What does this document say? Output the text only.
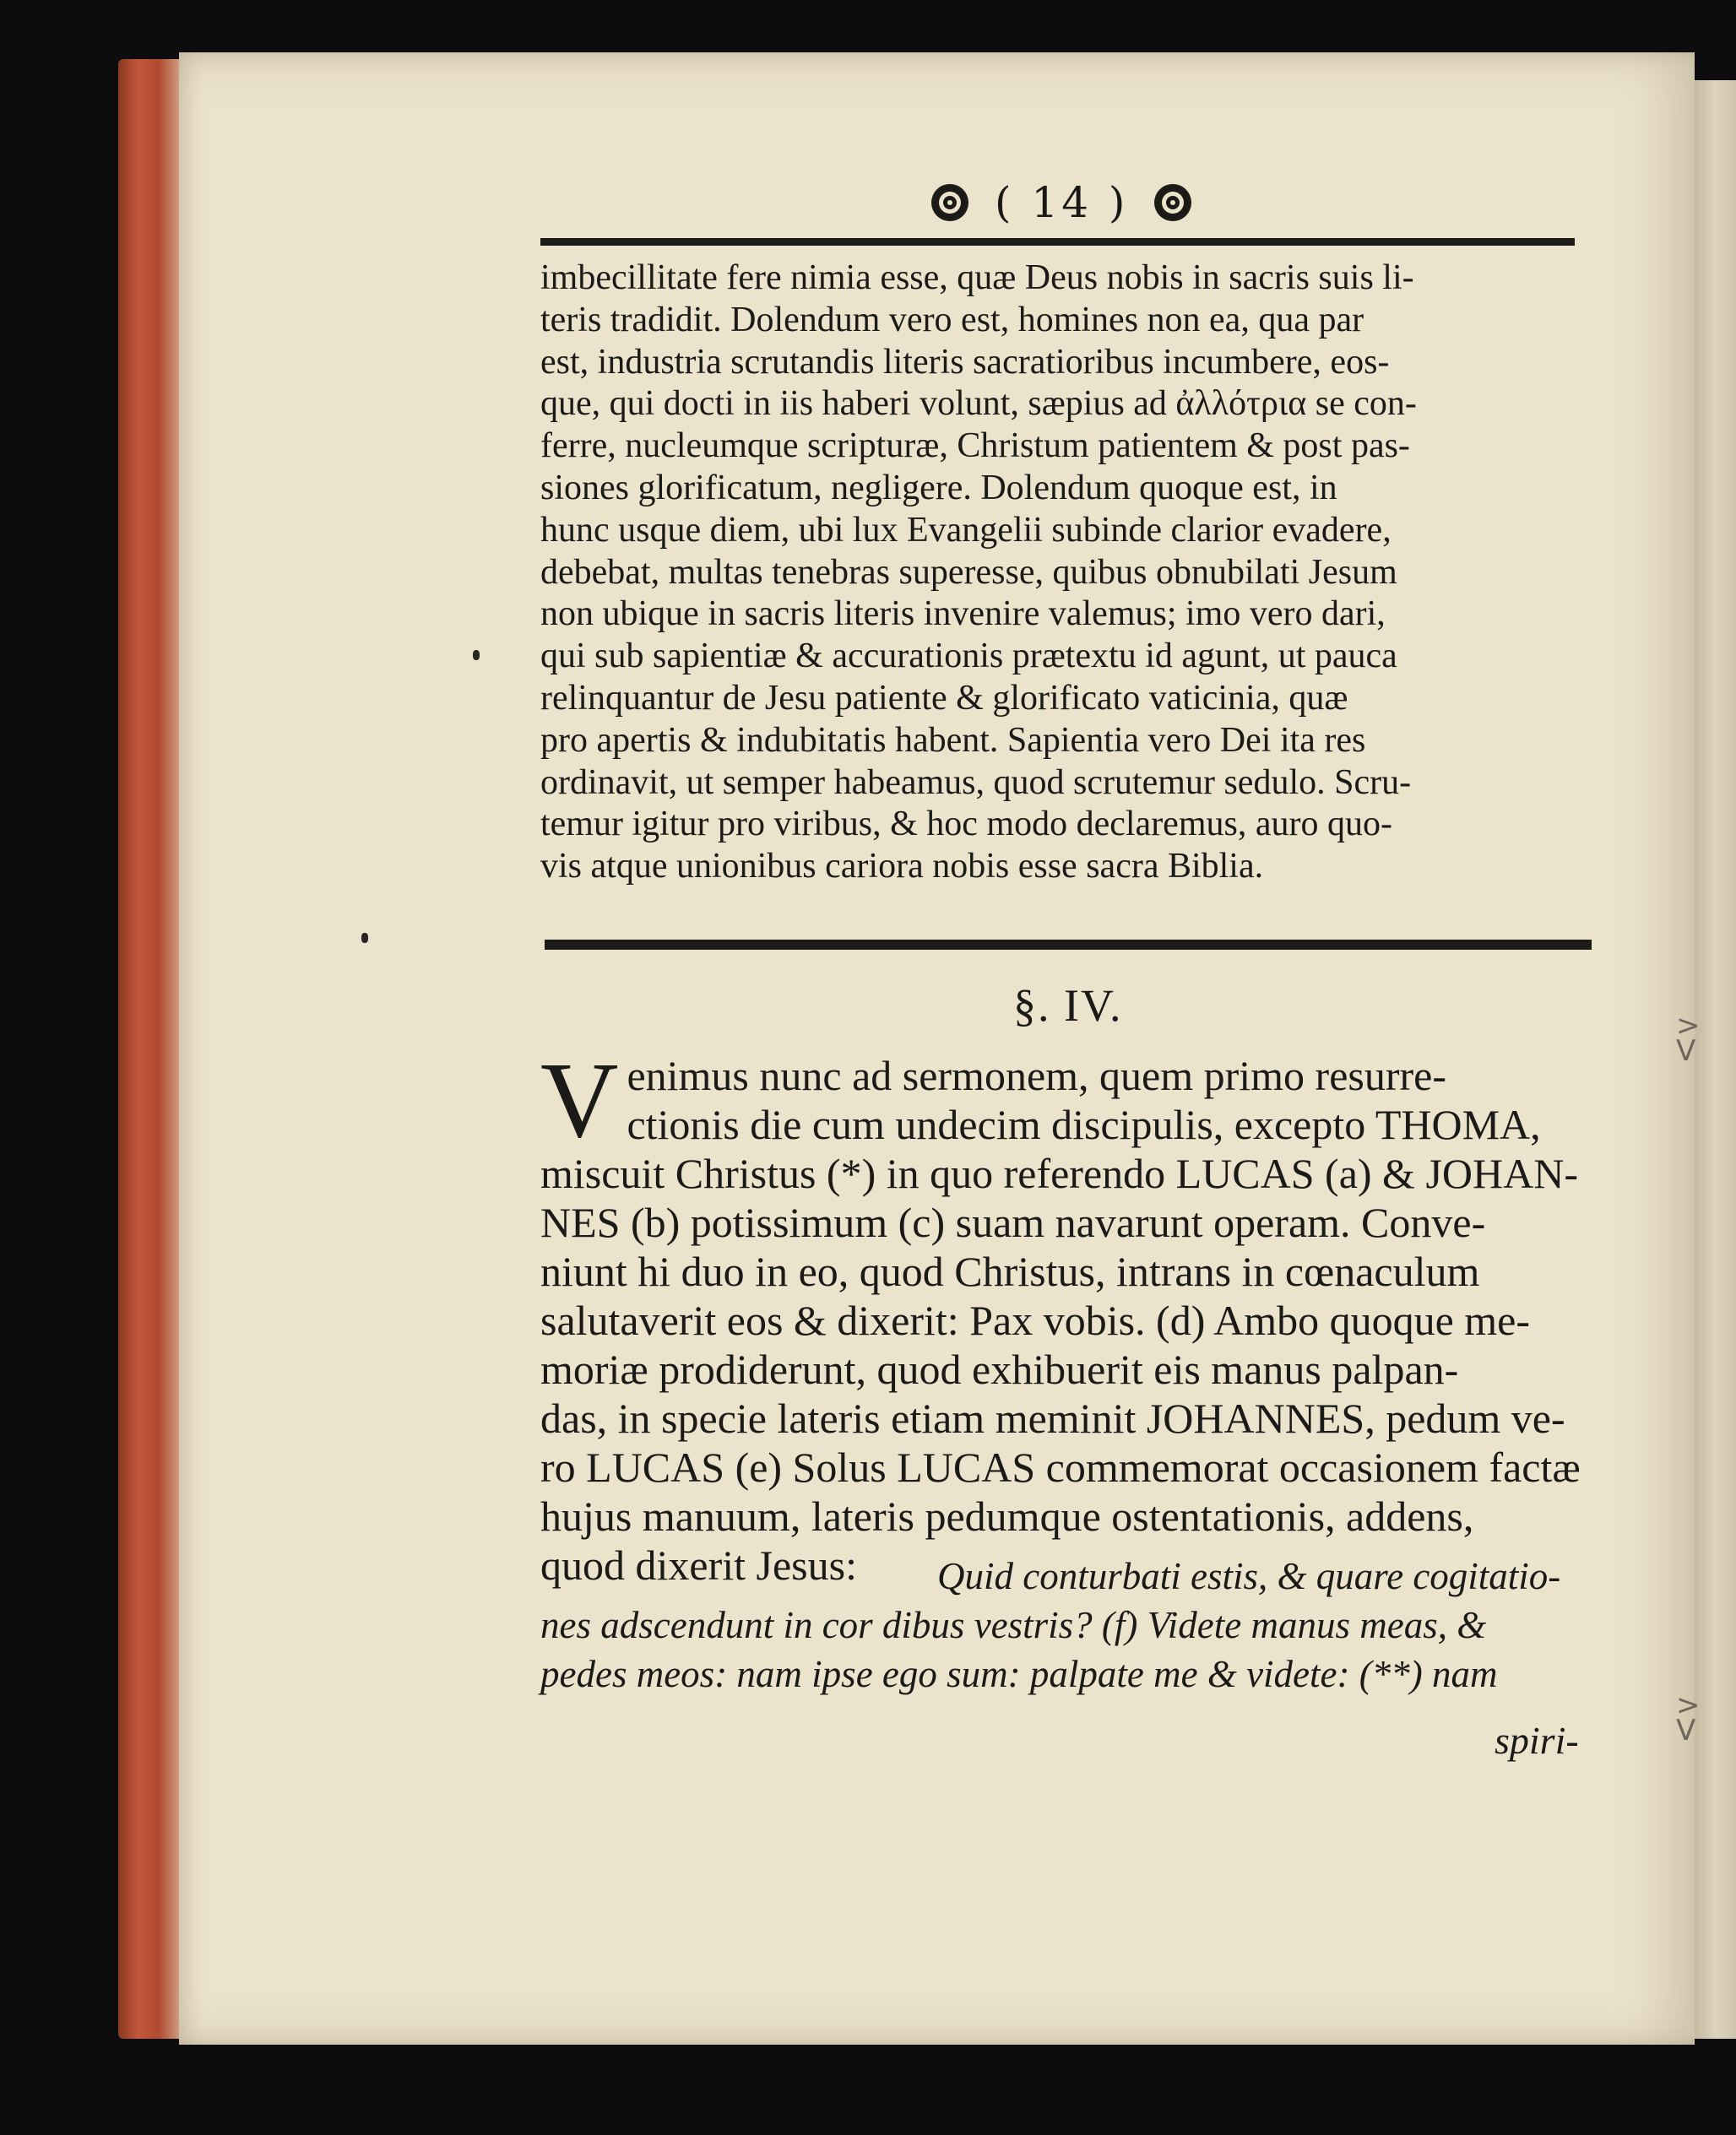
>
V
>
V
( 14 )

imbecillitate fere nimia esse, quæ Deus nobis in sacris suis li-
teris tradidit. Dolendum vero est, homines non ea, qua par
est, industria scrutandis literis sacratioribus incumbere, eos-
que, qui docti in iis haberi volunt, sæpius ad ἀλλότρια se con-
ferre, nucleumque scripturæ, Christum patientem & post pas-
siones glorificatum, negligere. Dolendum quoque est, in
hunc usque diem, ubi lux Evangelii subinde clarior evadere,
debebat, multas tenebras superesse, quibus obnubilati Jesum
non ubique in sacris literis invenire valemus; imo vero dari,
qui sub sapientiæ & accurationis prætextu id agunt, ut pauca
relinquantur de Jesu patiente & glorificato vaticinia, quæ
pro apertis & indubitatis habent. Sapientia vero Dei ita res
ordinavit, ut semper habeamus, quod scrutemur sedulo. Scru-
temur igitur pro viribus, & hoc modo declaremus, auro quo-
vis atque unionibus cariora nobis esse sacra Biblia.

§. IV.

V enimus nunc ad sermonem, quem primo resurre-
ctionis die cum undecim discipulis, excepto THOMA,
miscuit Christus (*) in quo referendo LUCAS (a) & JOHAN-
NES (b) potissimum (c) suam navarunt operam. Conve-
niunt hi duo in eo, quod Christus, intrans in cœnaculum
salutaverit eos & dixerit: Pax vobis. (d) Ambo quoque me-
moriæ prodiderunt, quod exhibuerit eis manus palpan-
das, in specie lateris etiam meminit JOHANNES, pedum ve-
ro LUCAS (e) Solus LUCAS commemorat occasionem factæ
hujus manuum, lateris pedumque ostentationis, addens,
quod dixerit Jesus:	Quid conturbati estis, & quare cogitatio-
nes adscendunt in cor dibus vestris? (f) Videte manus meas, &
pedes meos: nam ipse ego sum: palpate me & videte: (**) nam

spiri-
